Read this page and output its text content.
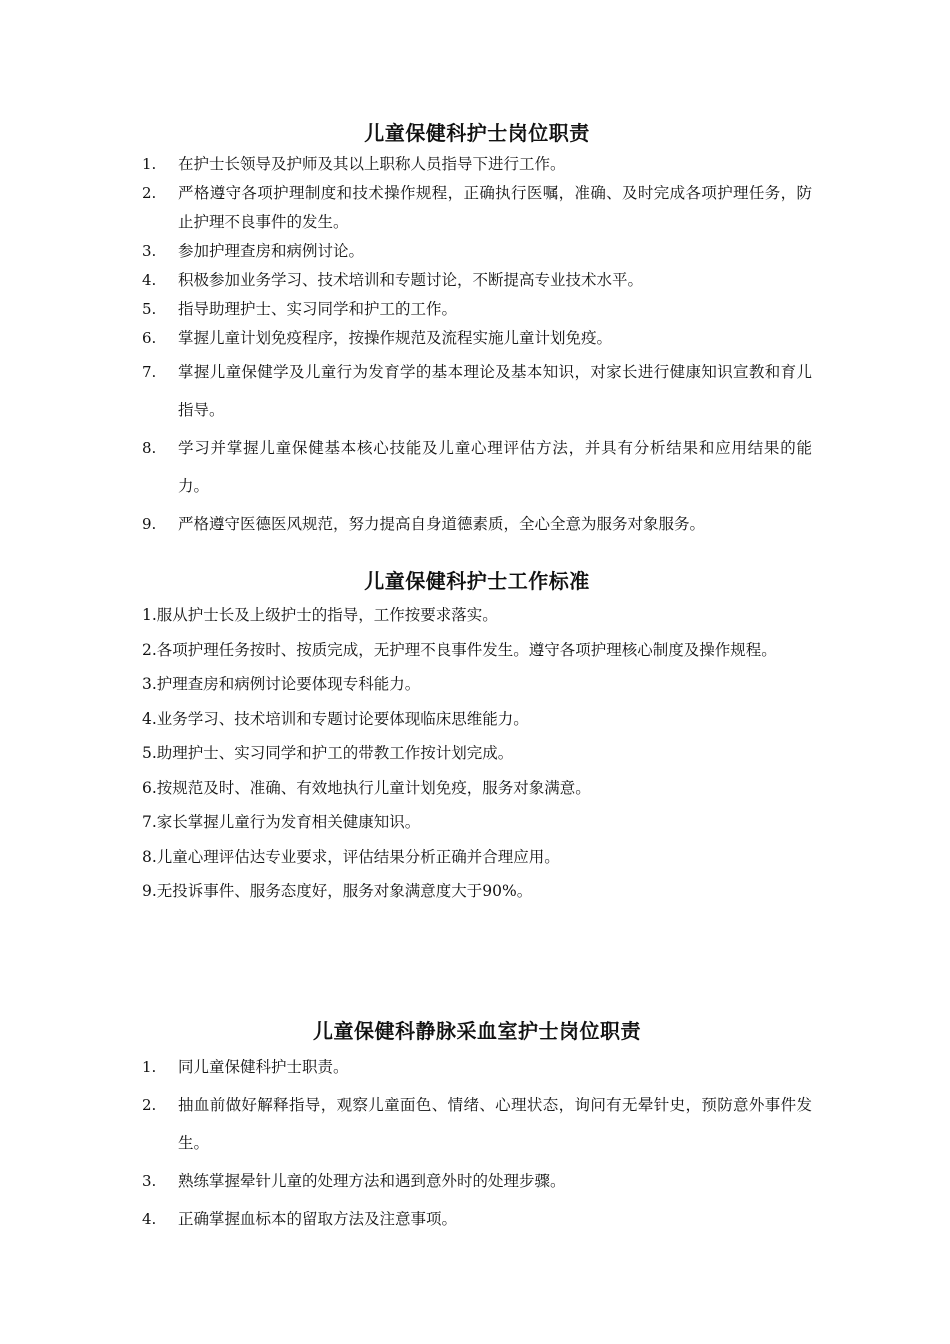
儿童保健科护士岗位职责
1.	在护士长领导及护师及其以上职称人员指导下进行工作。
2.	严格遵守各项护理制度和技术操作规程，正确执行医嘱，准确、及时完成各项护理任务，防止护理不良事件的发生。
3.	参加护理查房和病例讨论。
4.	积极参加业务学习、技术培训和专题讨论，不断提高专业技术水平。
5.	指导助理护士、实习同学和护工的工作。
6.	掌握儿童计划免疫程序，按操作规范及流程实施儿童计划免疫。
7.	掌握儿童保健学及儿童行为发育学的基本理论及基本知识，对家长进行健康知识宣教和育儿指导。
8.	学习并掌握儿童保健基本核心技能及儿童心理评估方法，并具有分析结果和应用结果的能力。
9.	严格遵守医德医风规范，努力提高自身道德素质，全心全意为服务对象服务。
儿童保健科护士工作标准

1.服从护士长及上级护士的指导，工作按要求落实。

2.各项护理任务按时、按质完成，无护理不良事件发生。遵守各项护理核心制度及操作规程。

3.护理查房和病例讨论要体现专科能力。

4.业务学习、技术培训和专题讨论要体现临床思维能力。

5.助理护士、实习同学和护工的带教工作按计划完成。

6.按规范及时、准确、有效地执行儿童计划免疫，服务对象满意。

7.家长掌握儿童行为发育相关健康知识。

8.儿童心理评估达专业要求，评估结果分析正确并合理应用。

9.无投诉事件、服务态度好，服务对象满意度大于90%。

儿童保健科静脉采血室护士岗位职责
1.	同儿童保健科护士职责。
2.	抽血前做好解释指导，观察儿童面色、情绪、心理状态，询问有无晕针史，预防意外事件发生。
3.	熟练掌握晕针儿童的处理方法和遇到意外时的处理步骤。
4.	正确掌握血标本的留取方法及注意事项。
